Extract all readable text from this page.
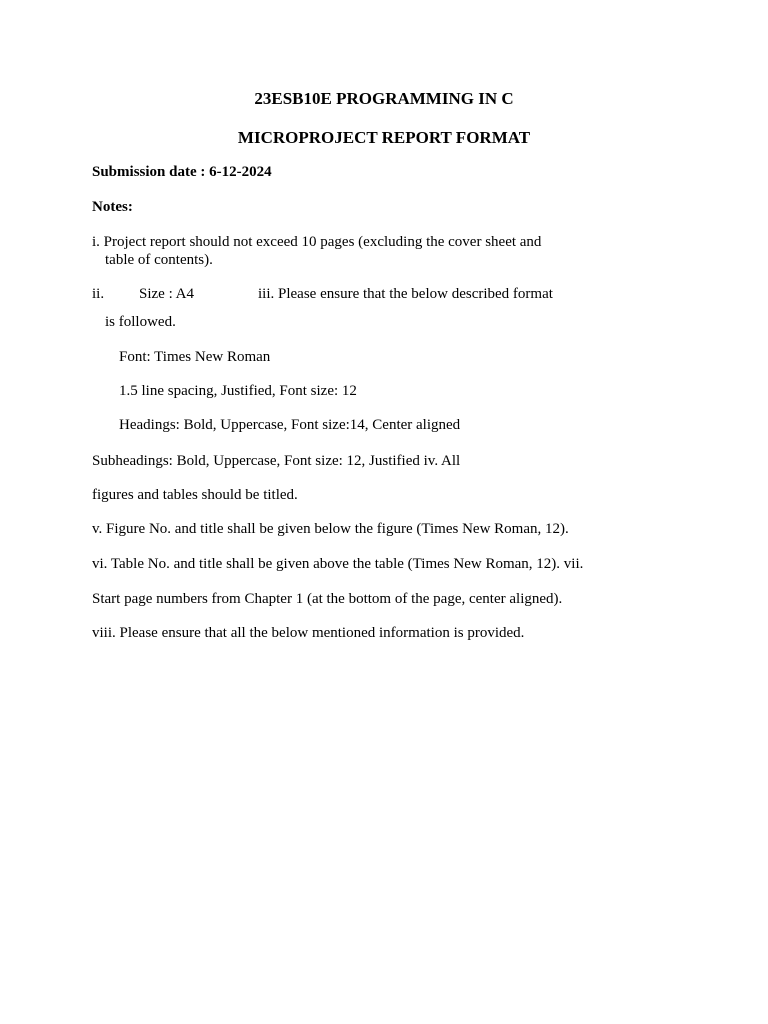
23ESB10E PROGRAMMING IN C
MICROPROJECT REPORT FORMAT
Submission date : 6-12-2024
Notes:
i. Project report should not exceed 10 pages (excluding the cover sheet and
table of contents).
ii. Size : A4	iii. Please ensure that the below described format
is followed.
Font: Times New Roman
1.5 line spacing, Justified, Font size: 12
Headings: Bold, Uppercase, Font size:14, Center aligned
Subheadings: Bold, Uppercase, Font size: 12, Justified iv. All
figures and tables should be titled.
v. Figure No. and title shall be given below the figure (Times New Roman, 12).
vi. Table No. and title shall be given above the table (Times New Roman, 12). vii.
Start page numbers from Chapter 1 (at the bottom of the page, center aligned).
viii. Please ensure that all the below mentioned information is provided.
